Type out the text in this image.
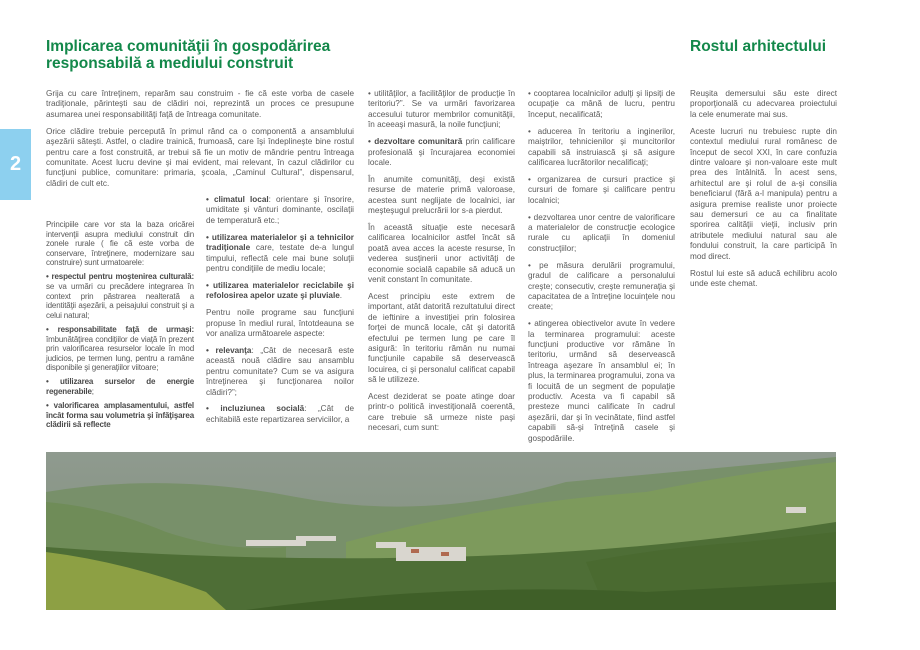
2
Implicarea comunităţii în gospodărirea responsabilă a mediului construit
Rostul arhitectului

Grija cu care întreţinem, reparăm sau construim - fie că este vorba de casele tradiţionale, părinteşti sau de clădiri noi, reprezintă un proces ce presupune asumarea unei responsabilităţi faţă de întreaga comunitate.

Orice clădire trebuie percepută în primul rând ca o componentă a ansamblului aşezării săteşti. Astfel, o cladire trainică, frumoasă, care îşi îndeplineşte bine rostul pentru care a fost construită, ar trebui să fie un motiv de mândrie pentru întreaga comunitate. Acest lucru devine şi mai evident, mai relevant, în cazul clădirilor cu funcţiuni publice, comunitare: primaria, şcoala, „Caminul Cultural”, dispensarul, clădiri de cult etc.

Principiile care vor sta la baza oricărei intervenţii asupra mediului construit din zonele rurale ( fie că este vorba de conservare, întreţinere, modernizare sau construire) sunt urmatoarele:

• respectul pentru moştenirea culturală: se va urmări cu precădere integrarea în context prin păstrarea nealterată a identităţii aşezării, a peisajului construit şi a celui natural;

• responsabilitate faţă de urmaşi: îmbunătăţirea condiţiilor de viaţă în prezent prin valorificarea resurselor locale în mod judicios, pe termen lung, pentru a ramâne disponibile şi generaţiilor viitoare;

• utilizarea surselor de energie regenerabile;

• valorificarea amplasamentului, astfel încât forma sau volumetria şi înfăţişarea clădirii să reflecte

• climatul local: orientare şi însorire, umiditate şi vânturi dominante, oscilaţii de temperatură etc.;

• utilizarea materialelor şi a tehnicilor tradiţionale care, testate de-a lungul timpului, reflectă cele mai bune soluţii pentru condiţiile de mediu locale;

• utilizarea materialelor reciclabile şi refolosirea apelor uzate şi pluviale.

Pentru noile programe sau funcţiuni propuse în mediul rural, întotdeauna se vor analiza următoarele aspecte:

• relevanţa: „Cât de necesară este această nouă clădire sau ansamblu pentru comunitate? Cum se va asigura întreţinerea şi funcţionarea noilor clădiri?”;

• incluziunea socială: „Cât de echitabilă este repartizarea serviciilor, a

• utilităţilor, a facilităţilor de producţie în teritoriu?”. Se va urmări favorizarea accesului tuturor membrilor comunităţii, în aceeaşi masură, la noile funcţiuni;

• dezvoltare comunitară prin calificare profesională şi încurajarea economiei locale.

În anumite comunităţi, deşi există resurse de materie primă valoroase, acestea sunt neglijate de localnici, iar meşteşugul prelucrării lor s-a pierdut.

În această situaţie este necesară calificarea localnicilor astfel încât să poată avea acces la aceste resurse, în vederea susţinerii unor activităţi de economie socială capabile să aducă un venit constant în comunitate.

Acest principiu este extrem de important, atât datorită rezultatului direct de ieftinire a investiţiei prin folosirea forţei de muncă locale, cât şi datorită efectului pe termen lung pe care îl asigură: în teritoriu rămân nu numai funcţiunile capabile să deservească locuirea, ci şi personalul calificat capabil să le utilizeze.

Acest deziderat se poate atinge doar printr-o politică investiţională coerentă, care trebuie să urmeze niste paşi necesari, cum sunt:

• cooptarea localnicilor adulţi şi lipsiţi de ocupaţie ca mână de lucru, pentru început, necalificată;

• aducerea în teritoriu a inginerilor, maiştrilor, tehnicienilor şi muncitorilor capabili să instruiască şi să asigure calificarea lucrătorilor necalificaţi;

• organizarea de cursuri practice şi cursuri de fomare şi calificare pentru localnici;

• dezvoltarea unor centre de valorificare a materialelor de construcţie ecologice rurale cu aplicaţii în domeniul construcţiilor;

• pe măsura derulării programului, gradul de calificare a personalului creşte; consecutiv, creşte remuneraţia şi capacitatea de a întreţine locuinţele nou create;

• atingerea obiectivelor avute în vedere la terminarea programului: aceste funcţiuni productive vor rămâne în teritoriu, urmând să deservească întreaga aşezare în ansamblul ei; în plus, la terminarea programului, zona va fi locuită de un segment de populaţie productiv. Acesta va fi capabil să presteze munci calificate în cadrul aşezării, dar şi în vecinătate, fiind astfel capabili să-şi întreţină casele şi gospodăriile.

Reuşita demersului său este direct proporţională cu adecvarea proiectului la cele enumerate mai sus.

Aceste lucruri nu trebuiesc rupte din contextul mediului rural românesc de început de secol XXI, în care confuzia dintre valoare şi non-valoare este mult prea des întâlnită. În acest sens, arhitectul are şi rolul de a-şi consilia beneficiarul (fără a-l manipula) pentru a asigura premise realiste unor proiecte sau demersuri ce au ca finalitate sporirea calităţii vieţii, inclusiv prin atributele mediului natural sau ale fondului construit, la care participă în mod direct.

Rostul lui este să aducă echilibru acolo unde este chemat.
